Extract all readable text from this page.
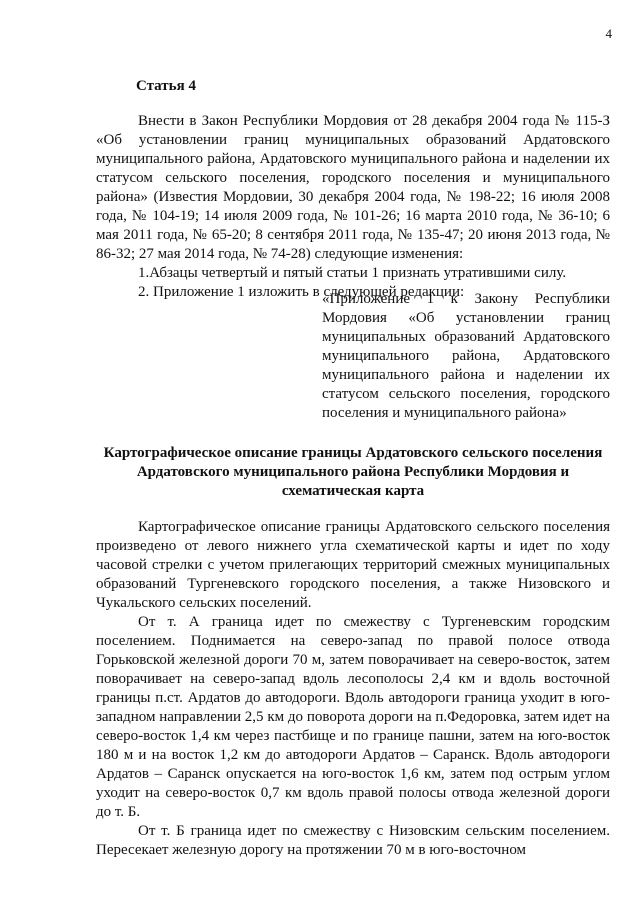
4
Статья 4

Внести в Закон Республики Мордовия от 28 декабря 2004 года № 115-З «Об установлении границ муниципальных образований Ардатовского муниципального района, Ардатовского муниципального района и наделении их статусом сельского поселения, городского поселения и муниципального района» (Известия Мордовии, 30 декабря 2004 года, № 198-22; 16 июля 2008 года, № 104-19; 14 июля 2009 года, № 101-26; 16 марта 2010 года, № 36-10; 6 мая 2011 года, № 65-20; 8 сентября 2011 года, № 135-47; 20 июня 2013 года, № 86-32; 27 мая 2014 года, № 74-28) следующие изменения:

1.Абзацы четвертый и пятый статьи 1 признать утратившими силу.

2. Приложение 1 изложить в следующей редакции:

«Приложение 1 к Закону Республики Мордовия «Об установлении границ муниципальных образований Ардатовского муниципального района, Ардатовского муниципального района и наделении их статусом сельского поселения, городского поселения и муниципального района»

Картографическое описание границы Ардатовского сельского поселения Ардатовского муниципального района Республики Мордовия и схематическая карта

Картографическое описание границы Ардатовского сельского поселения произведено от левого нижнего угла схематической карты и идет по ходу часовой стрелки с учетом прилегающих территорий смежных муниципальных образований Тургеневского городского поселения, а также Низовского и Чукальского сельских поселений.

От т. А граница идет по смежеству с Тургеневским городским поселением. Поднимается на северо-запад по правой полосе отвода Горьковской железной дороги 70 м, затем поворачивает на северо-восток, затем поворачивает на северо-запад вдоль лесополосы 2,4 км и вдоль восточной границы п.ст. Ардатов до автодороги. Вдоль автодороги граница уходит в юго-западном направлении 2,5 км до поворота дороги на п.Федоровка, затем идет на северо-восток 1,4 км через пастбище и по границе пашни, затем на юго-восток 180 м и на восток 1,2 км до автодороги Ардатов – Саранск. Вдоль автодороги Ардатов – Саранск опускается на юго-восток 1,6 км, затем под острым углом уходит на северо-восток 0,7 км вдоль правой полосы отвода железной дороги до т. Б.

От т. Б граница идет по смежеству с Низовским сельским поселением. Пересекает железную дорогу на протяжении 70 м в юго-восточном
